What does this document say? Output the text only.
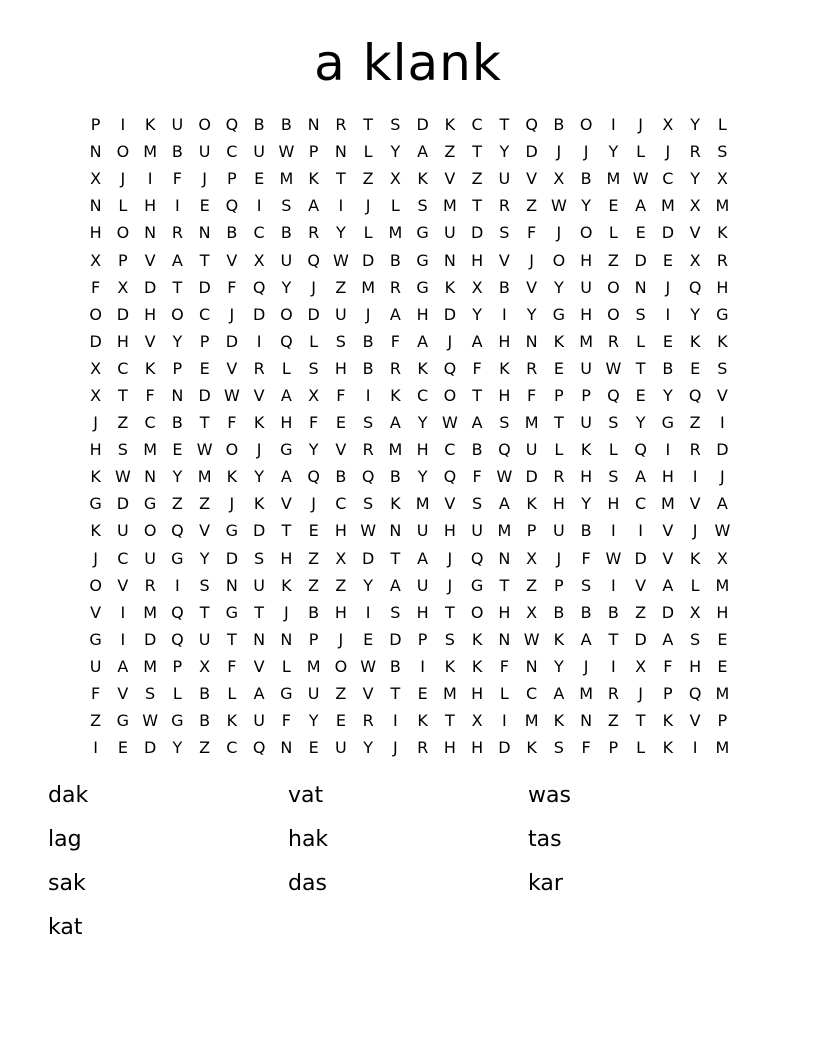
a klank
P	I	K	U O Q B	B N R	T	S	D K	C	T	Q B O	I	J	X	Y	L
N O M B U C U W P	N	L	Y	A	Z	T	Y	D	J	J	Y	L	J	R	S
X	J	I	F	J	P	E M K	T	Z	X	K	V	Z U V	X	B M W C	Y	X
N	L	H	I	E Q	I	S	A	I	J	L	S M T	R	Z W Y	E	A M X M
H O N R N B	C	B	R	Y	L M G U D	S	F	J	O	L	E	D V	K
X	P	V	A	T	V	X U Q W D B G N H V	J	O H Z D	E	X	R
F	X D	T	D	F	Q	Y	J	Z M R G K	X	B	V	Y	U O N	J	Q H
O D H O C	J	D O D U	J	A H D	Y	I	Y	G H O S	I	Y	G
D H V	Y	P	D	I	Q	L	S	B	F	A	J	A H N	K M R	L	E	K	K
X	C	K	P	E	V	R	L	S	H B	R	K Q	F	K	R	E	U W T	B	E	S
X	T	F	N D W V	A	X	F	I	K	C O	T	H	F	P	P	Q E	Y	Q V
J	Z	C	B	T	F	K H	F	E	S	A	Y W A	S M T	U	S	Y	G Z	I
H	S M E W O	J	G	Y	V	R M H C	B Q U	L	K	L	Q	I	R D
K W N	Y M K	Y	A Q B Q B	Y	Q	F W D R H	S	A H	I	J
G D G Z	Z	J	K	V	J	C	S	K M V	S	A	K H	Y	H C M V	A
K	U O Q V G D	T	E	H W N U H U M P	U B	I	I	V	J	W
J	C U G	Y	D	S	H Z	X D	T	A	J	Q N X	J	F W D V	K	X
O V	R	I	S	N U	K	Z	Z	Y	A U	J	G	T	Z	P	S	I	V	A	L M
V	I	M Q	T	G	T	J	B H	I	S	H	T	O H X	B	B	B	Z D X H
G	I	D Q U	T	N N	P	J	E	D	P	S	K	N W K	A	T	D A	S	E
U A M P	X	F	V	L M O W B	I	K	K	F	N	Y	J	I	X	F	H	E
F	V	S	L	B	L	A G U Z	V	T	E M H	L	C	A M R	J	P	Q M
Z G W G B	K	U	F	Y	E	R	I	K	T	X	I	M K	N Z	T	K	V	P
I	E	D	Y	Z	C Q N	E	U	Y	J	R H H D K	S	F	P	L	K	I	M
dak	vat	was
lag	hak	tas
sak	das	kar
kat
